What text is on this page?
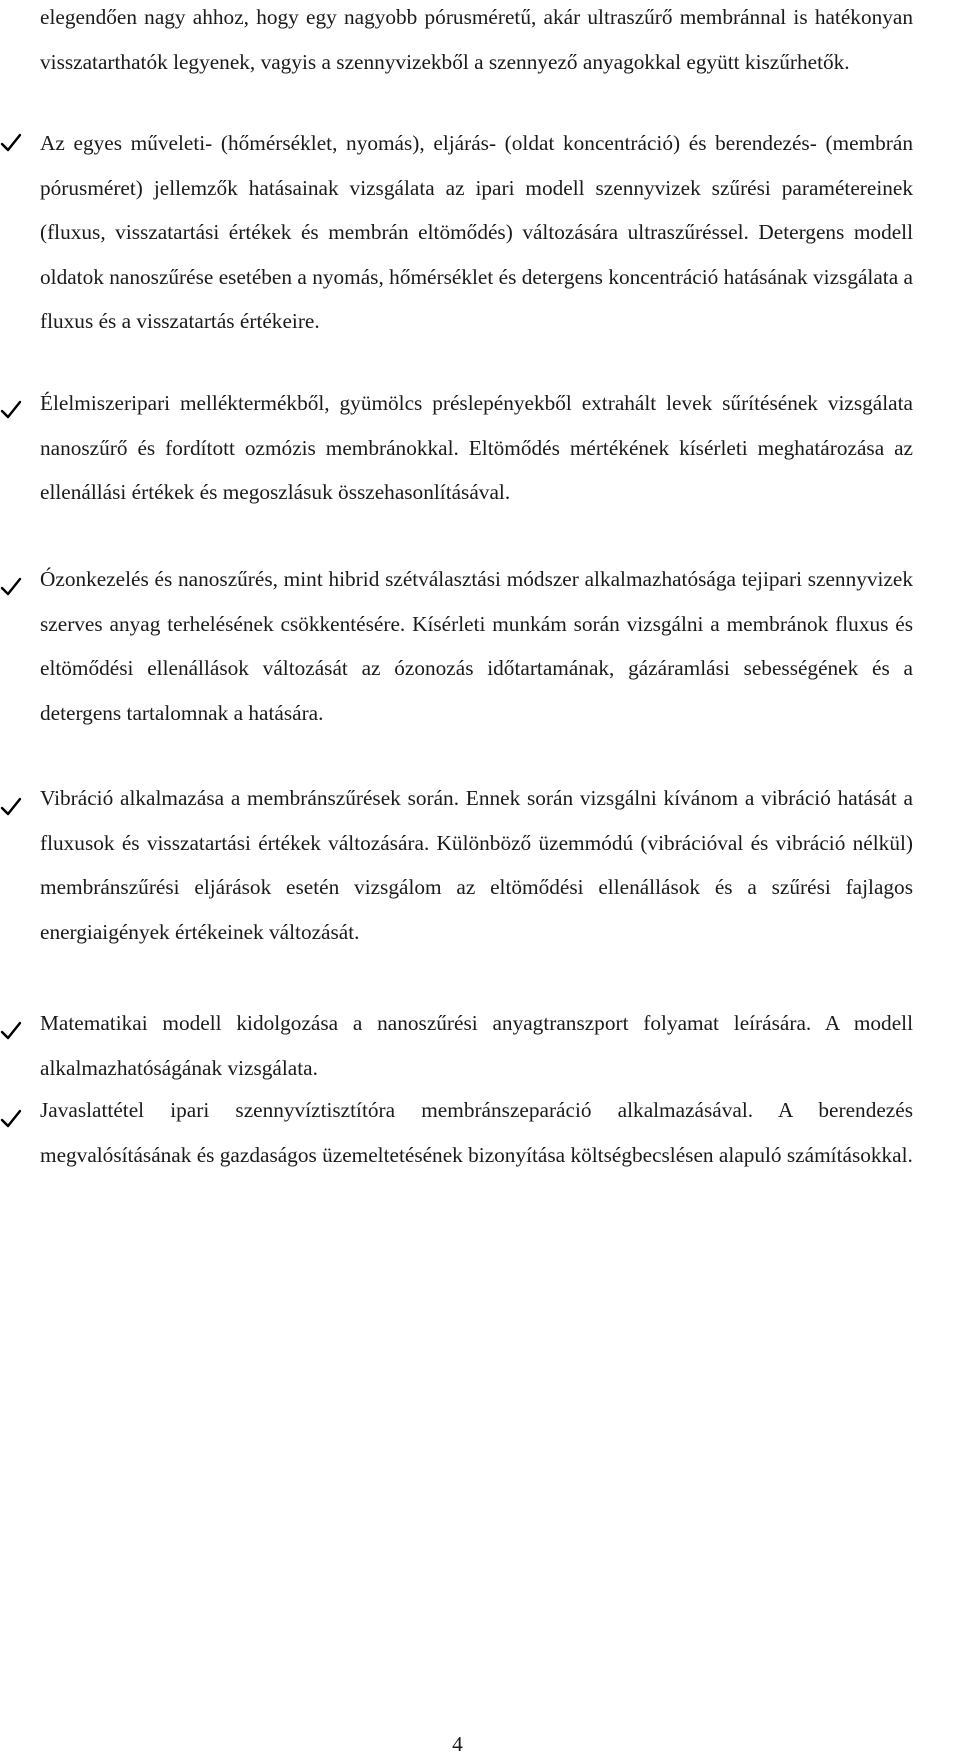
elegendően nagy ahhoz, hogy egy nagyobb pórusméretű, akár ultraszűrő membránnal is hatékonyan visszatarthatók legyenek, vagyis a szennyvizekből a szennyező anyagokkal együtt kiszűrhetők.

Az egyes műveleti- (hőmérséklet, nyomás), eljárás- (oldat koncentráció) és berendezés- (membrán pórusméret) jellemzők hatásainak vizsgálata az ipari modell szennyvizek szűrési paramétereinek (fluxus, visszatartási értékek és membrán eltömődés) változására ultraszűréssel. Detergens modell oldatok nanoszűrése esetében a nyomás, hőmérséklet és detergens koncentráció hatásának vizsgálata a fluxus és a visszatartás értékeire.

Élelmiszeripari melléktermékből, gyümölcs préslepényekből extrahált levek sűrítésének vizsgálata nanoszűrő és fordított ozmózis membránokkal. Eltömődés mértékének kísérleti meghatározása az ellenállási értékek és megoszlásuk összehasonlításával.

Ózonkezelés és nanoszűrés, mint hibrid szétválasztási módszer alkalmazhatósága tejipari szennyvizek szerves anyag terhelésének csökkentésére. Kísérleti munkám során vizsgálni a membránok fluxus és eltömődési ellenállások változását az ózonozás időtartamának, gázáramlási sebességének és a detergens tartalomnak a hatására.

Vibráció alkalmazása a membránszűrések során. Ennek során vizsgálni kívánom a vibráció hatását a fluxusok és visszatartási értékek változására. Különböző üzemmódú (vibrációval és vibráció nélkül) membránszűrési eljárások esetén vizsgálom az eltömődési ellenállások és a szűrési fajlagos energiaigények értékeinek változását.

Matematikai modell kidolgozása a nanoszűrési anyagtranszport folyamat leírására. A modell alkalmazhatóságának vizsgálata.

Javaslattétel ipari szennyvíztisztítóra membránszeparáció alkalmazásával. A berendezés megvalósításának és gazdaságos üzemeltetésének bizonyítása költségbecslésen alapuló számításokkal.

4
